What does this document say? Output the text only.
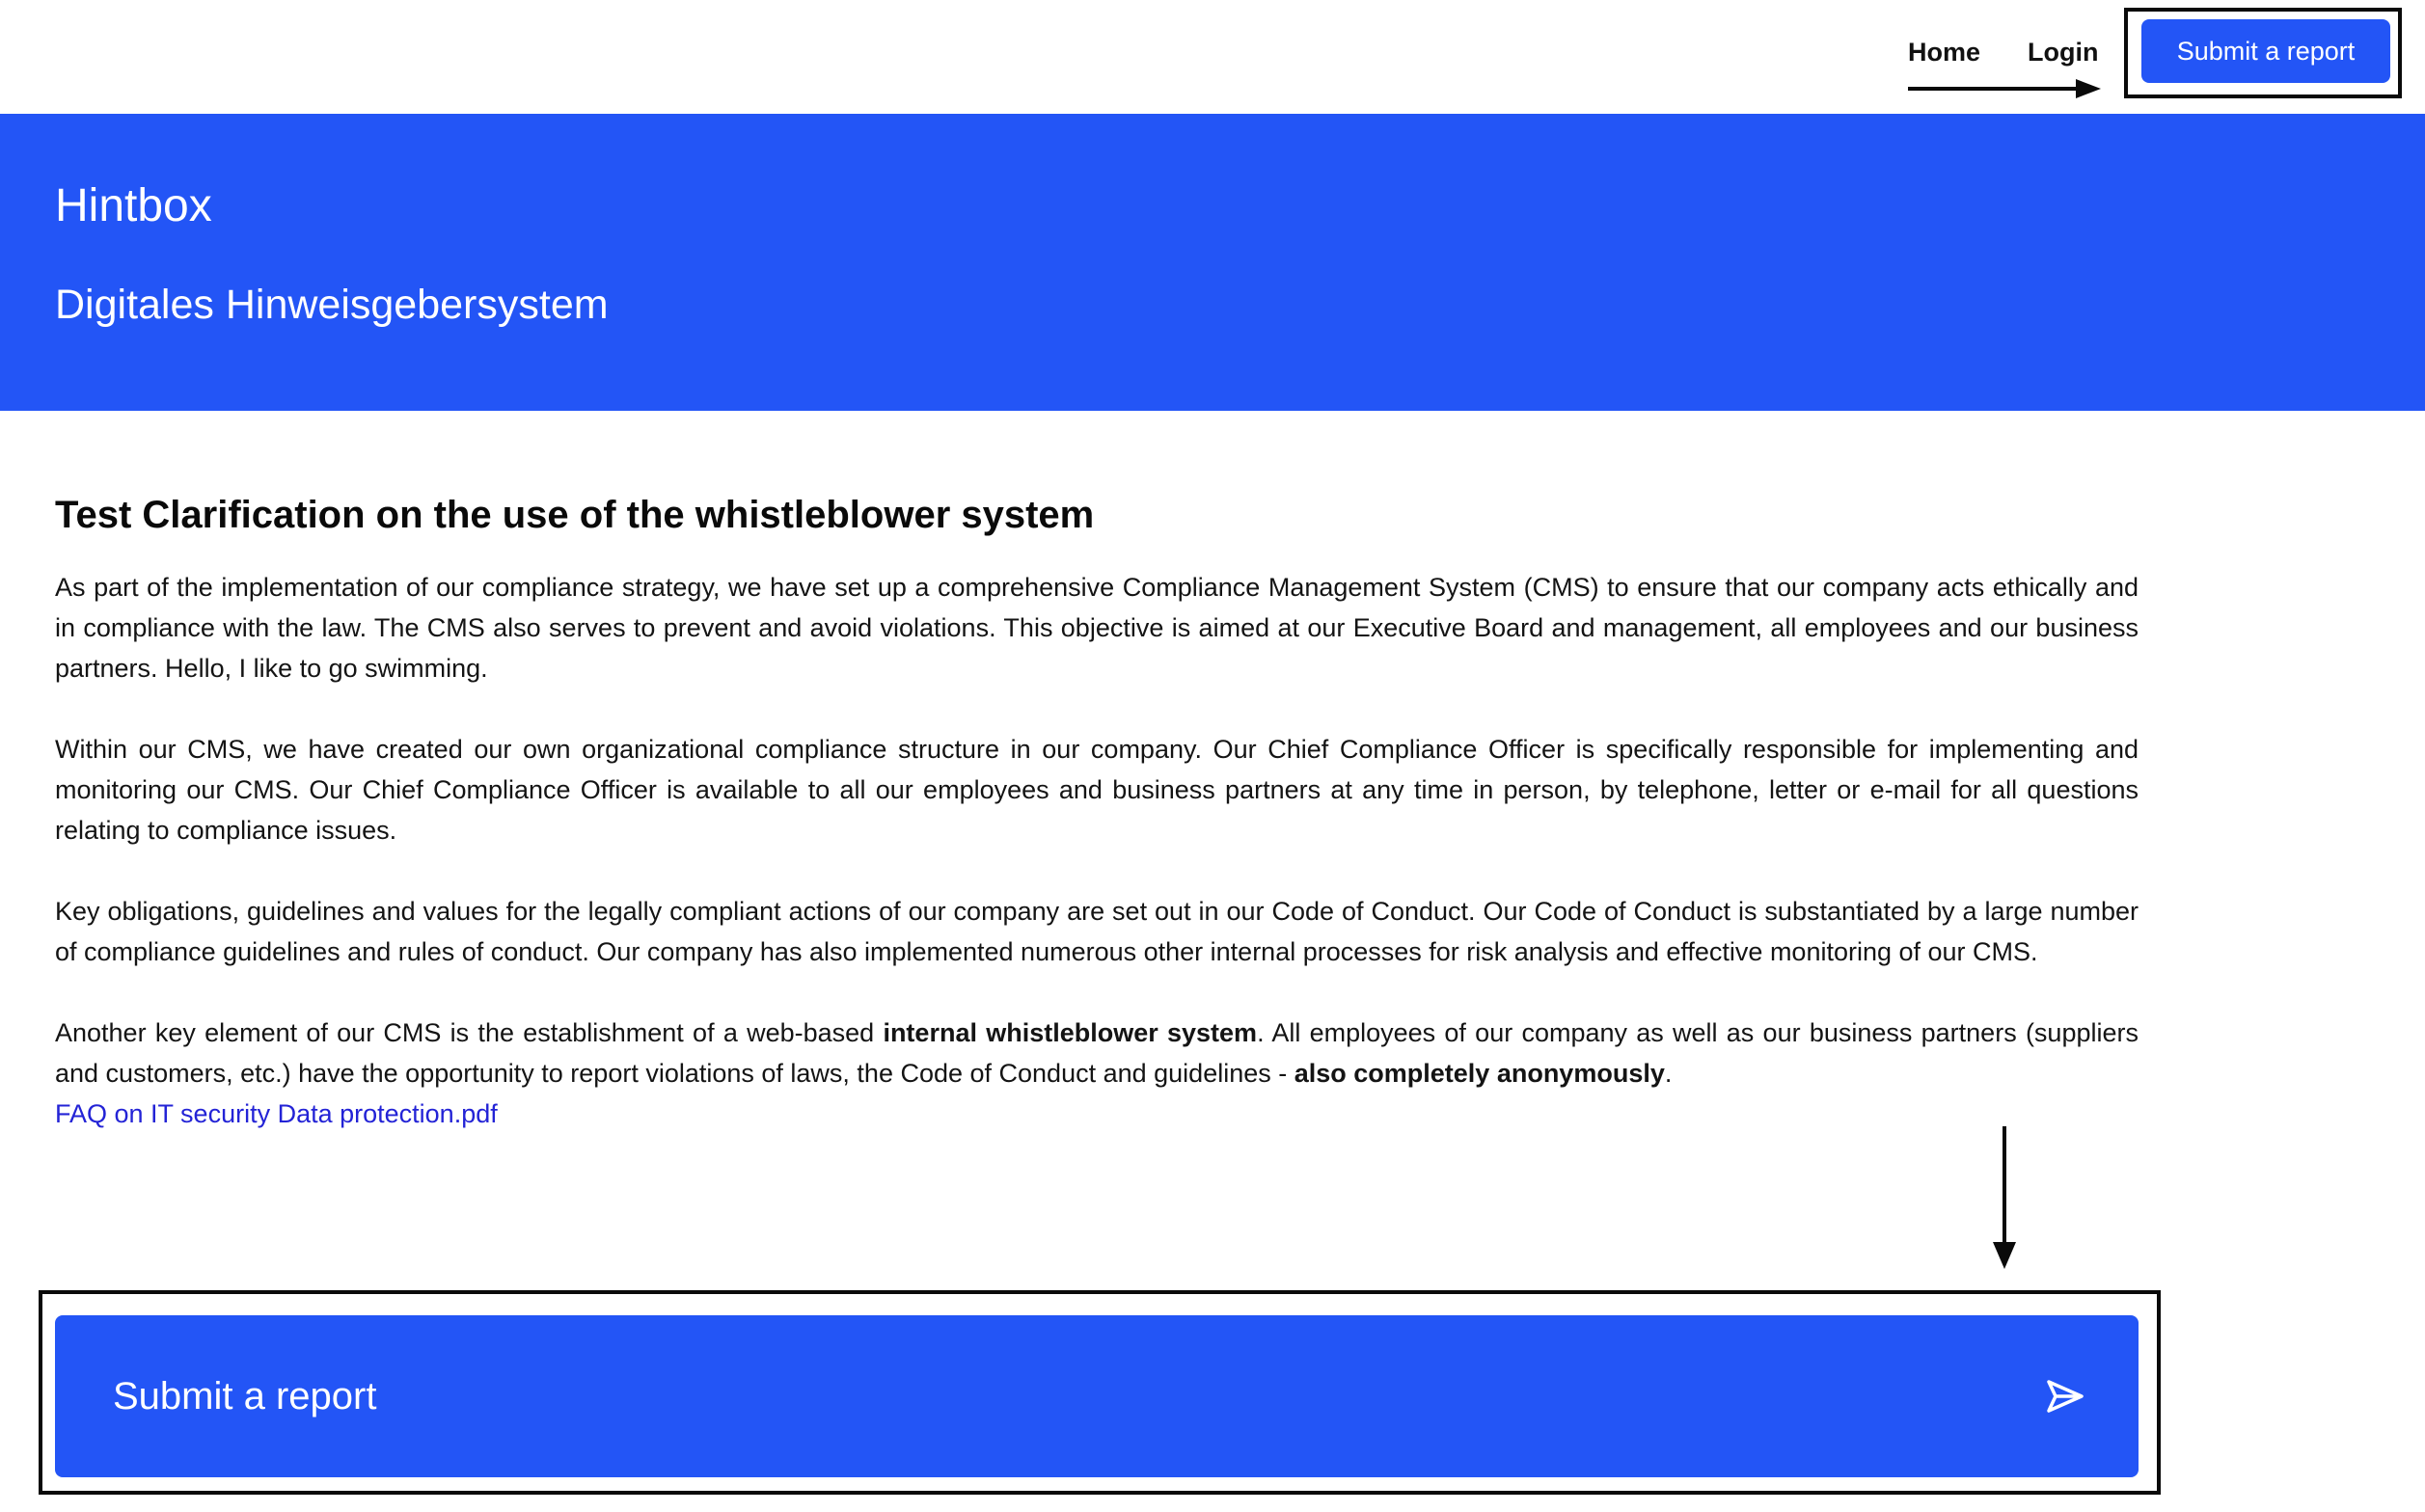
Home Login	Submit a report
Hintbox
Digitales Hinweisgebersystem
Test Clarification on the use of the whistleblower system

As part of the implementation of our compliance strategy, we have set up a comprehensive Compliance Management System (CMS) to ensure that our company acts ethically and in compliance with the law. The CMS also serves to prevent and avoid violations. This objective is aimed at our Executive Board and management, all employees and our business partners. Hello, I like to go swimming.

Within our CMS, we have created our own organizational compliance structure in our company. Our Chief Compliance Officer is specifically responsible for implementing and monitoring our CMS. Our Chief Compliance Officer is available to all our employees and business partners at any time in person, by telephone, letter or e-mail for all questions relating to compliance issues.

Key obligations, guidelines and values for the legally compliant actions of our company are set out in our Code of Conduct. Our Code of Conduct is substantiated by a large number of compliance guidelines and rules of conduct. Our company has also implemented numerous other internal processes for risk analysis and effective monitoring of our CMS.

Another key element of our CMS is the establishment of a web-based internal whistleblower system. All employees of our company as well as our business partners (suppliers and customers, etc.) have the opportunity to report violations of laws, the Code of Conduct and guidelines - also completely anonymously.

FAQ on IT security Data protection.pdf
Submit a report
